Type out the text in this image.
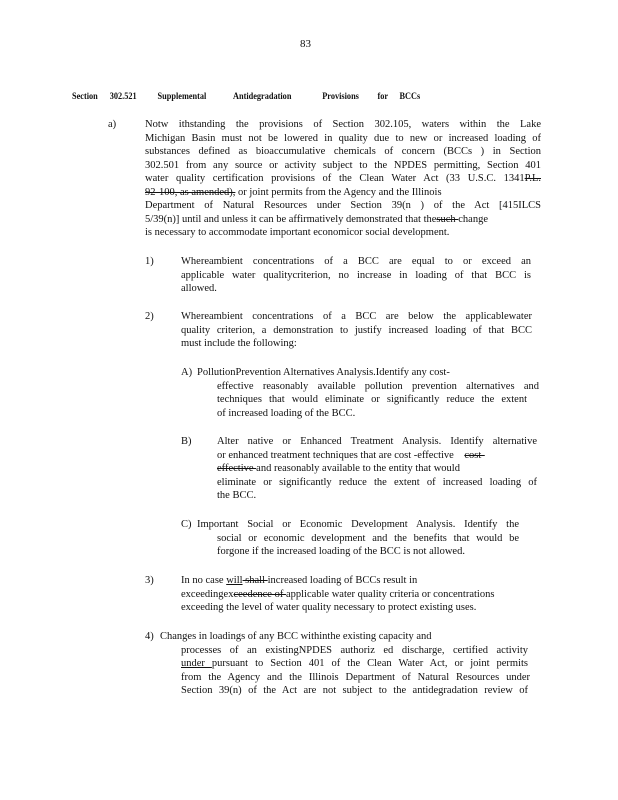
83
Section 302.521 Supplemental	Antidegradation	Provisions for BCCs
a)	Notw ithstanding the provisions of Section 302.105, waters within the Lake
Michigan Basin must not be lowered in quality due to new or increased loading of
substances defined as bioaccumulative chemicals of concern (BCCs ) in Section
302.501 from any source or activity subject to the NPDES permitting, Section 401
water quality certification provisions of the Clean Water Act (33 U.S.C. 1341P.L.
92-100, as amended), or joint permits from the Agency and the Illinois
Department of Natural Resources under Section 39(n ) of the Act [415ILCS
5/39(n)] until and unless it can be affirmatively demonstrated that thesuch change
is necessary to accommodate important economicor social development.
1)	Whereambient concentrations of a BCC are equal to or exceed an
applicable water qualitycriterion, no increase in loading of that BCC is
allowed.
2)	Whereambient concentrations of a BCC are below the applicablewater
quality criterion, a demonstration to justify increased loading of that BCC
must include the following:
A) PollutionPrevention Alternatives Analysis.Identify any cost-
effective reasonably available pollution prevention alternatives and
techniques that would eliminate or significantly reduce the extent
of increased loading of the BCC.
B) Alter native or Enhanced Treatment Analysis. Identify alternative
or enhanced treatment techniques that are cost -effective cost-
effective and reasonably available to the entity that would
eliminate or significantly reduce the extent of increased loading of
the BCC.
C) Important Social or Economic Development Analysis. Identify the
social or economic development and the benefits that would be
forgone if the increased loading of the BCC is not allowed.
3)	In no case will shall increased loading of BCCs result in
exceedingexceedence of applicable water quality criteria or concentrations
exceeding the level of water quality necessary to protect existing uses.
4) Changes in loadings of any BCC withinthe existing capacity and
processes of an existingNPDES authoriz ed discharge, certified activity
under pursuant to Section 401 of the Clean Water Act, or joint permits
from the Agency and the Illinois Department of Natural Resources under
Section 39(n) of the Act are not subject to the antidegradation review of
